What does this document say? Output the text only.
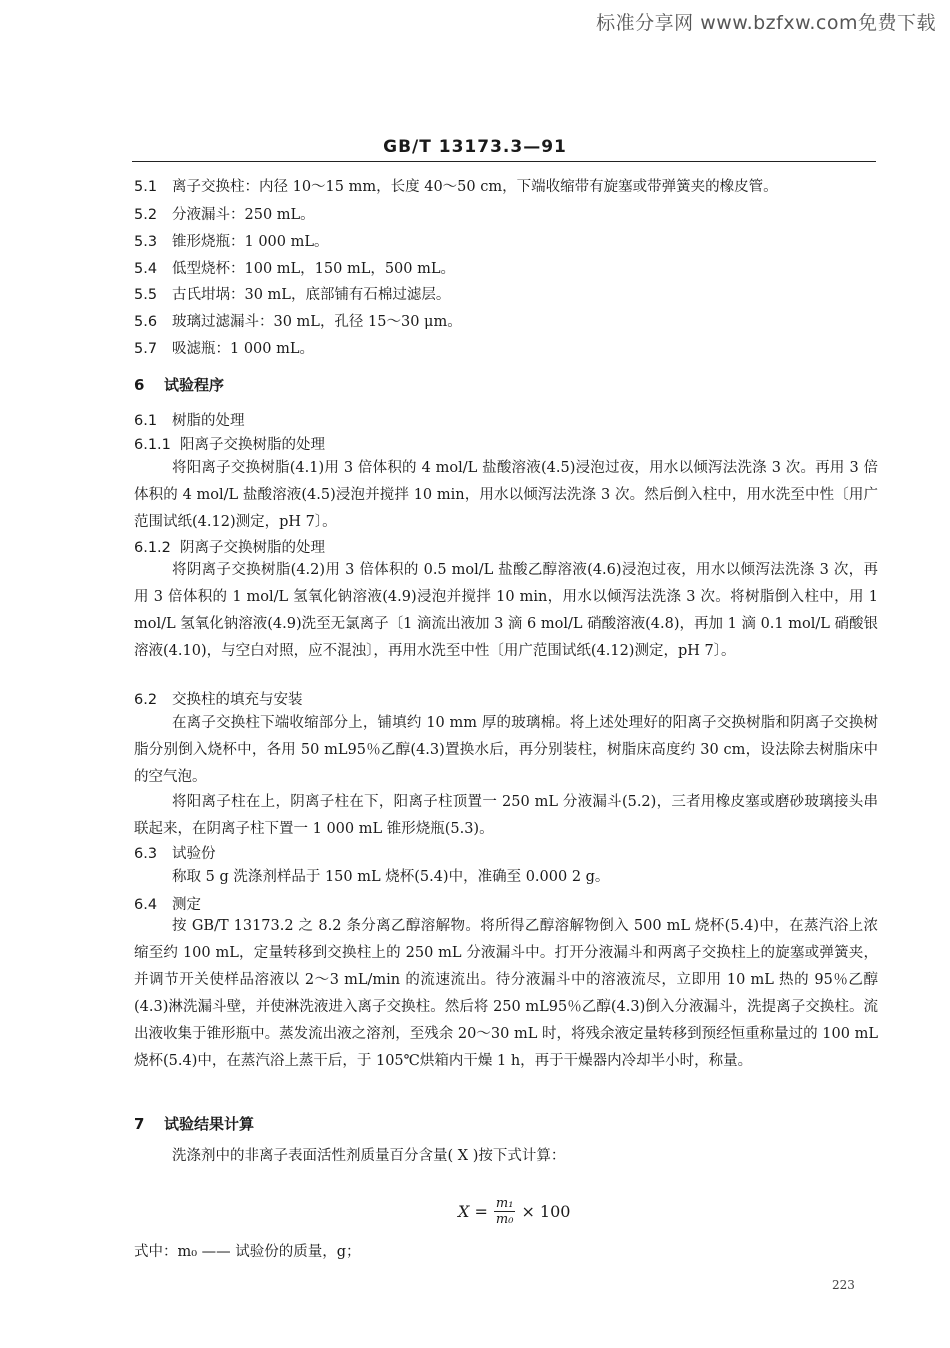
标准分享网 www.bzfxw.com免费下载
GB/T 13173.3—91
5.1 离子交换柱：内径 10～15 mm，长度 40～50 cm，下端收缩带有旋塞或带弹簧夹的橡皮管。
5.2 分液漏斗：250 mL。
5.3 锥形烧瓶：1 000 mL。
5.4 低型烧杯：100 mL，150 mL，500 mL。
5.5 古氏坩埚：30 mL，底部铺有石棉过滤层。
5.6 玻璃过滤漏斗：30 mL，孔径 15～30 μm。
5.7 吸滤瓶：1 000 mL。
6 试验程序
6.1 树脂的处理
6.1.1 阳离子交换树脂的处理
将阳离子交换树脂(4.1)用 3 倍体积的 4 mol/L 盐酸溶液(4.5)浸泡过夜，用水以倾泻法洗涤 3 次。再用 3 倍体积的 4 mol/L 盐酸溶液(4.5)浸泡并搅拌 10 min，用水以倾泻法洗涤 3 次。然后倒入柱中，用水洗至中性〔用广范围试纸(4.12)测定，pH 7〕。
6.1.2 阴离子交换树脂的处理
将阴离子交换树脂(4.2)用 3 倍体积的 0.5 mol/L 盐酸乙醇溶液(4.6)浸泡过夜，用水以倾泻法洗涤 3 次，再用 3 倍体积的 1 mol/L 氢氧化钠溶液(4.9)浸泡并搅拌 10 min，用水以倾泻法洗涤 3 次。将树脂倒入柱中，用 1 mol/L 氢氧化钠溶液(4.9)洗至无氯离子〔1 滴流出液加 3 滴 6 mol/L 硝酸溶液(4.8)，再加 1 滴 0.1 mol/L 硝酸银溶液(4.10)，与空白对照，应不混浊〕，再用水洗至中性〔用广范围试纸(4.12)测定，pH 7〕。
6.2 交换柱的填充与安装
在离子交换柱下端收缩部分上，铺填约 10 mm 厚的玻璃棉。将上述处理好的阳离子交换树脂和阴离子交换树脂分别倒入烧杯中，各用 50 mL95％乙醇(4.3)置换水后，再分别装柱，树脂床高度约 30 cm，设法除去树脂床中的空气泡。
将阳离子柱在上，阴离子柱在下，阳离子柱顶置一 250 mL 分液漏斗(5.2)，三者用橡皮塞或磨砂玻璃接头串联起来，在阴离子柱下置一 1 000 mL 锥形烧瓶(5.3)。
6.3 试验份
称取 5 g 洗涤剂样品于 150 mL 烧杯(5.4)中，准确至 0.000 2 g。
6.4 测定
按 GB/T 13173.2 之 8.2 条分离乙醇溶解物。将所得乙醇溶解物倒入 500 mL 烧杯(5.4)中，在蒸汽浴上浓缩至约 100 mL，定量转移到交换柱上的 250 mL 分液漏斗中。打开分液漏斗和两离子交换柱上的旋塞或弹簧夹，并调节开关使样品溶液以 2～3 mL/min 的流速流出。待分液漏斗中的溶液流尽，立即用 10 mL 热的 95％乙醇(4.3)淋洗漏斗壁，并使淋洗液进入离子交换柱。然后将 250 mL95％乙醇(4.3)倒入分液漏斗，洗提离子交换柱。流出液收集于锥形瓶中。蒸发流出液之溶剂，至残余 20～30 mL 时，将残余液定量转移到预经恒重称量过的 100 mL 烧杯(5.4)中，在蒸汽浴上蒸干后，于 105℃烘箱内干燥 1 h，再于干燥器内冷却半小时，称量。
7 试验结果计算
洗涤剂中的非离子表面活性剂质量百分含量( X )按下式计算：
$X = \frac{\text{m₁}}{\text{m₀}} \times 100$
式中：m₀ —— 试验份的质量，g；
223
